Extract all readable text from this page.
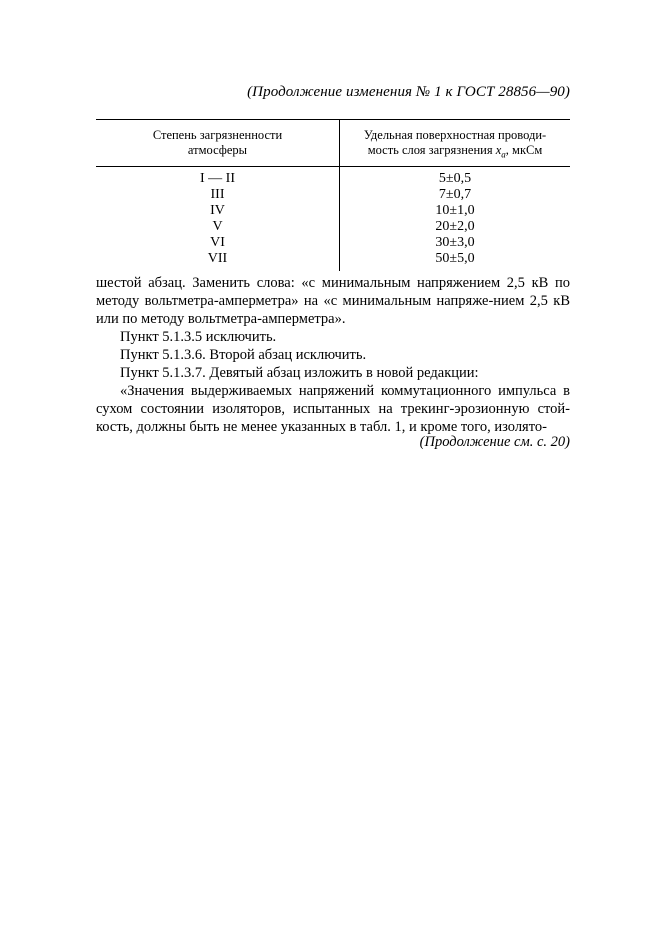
(Продолжение изменения № 1 к ГОСТ 28856—90)
Степень загрязненности
атмосферы
Удельная поверхностная проводи-
мость слоя загрязнения $x_a$, мкСм
I — II
III
IV
V
VI
VII
5±0,5
7±0,7
10±1,0
20±2,0
30±3,0
50±5,0

шестой абзац. Заменить слова: «с минимальным напряжением 2,5 кВ по методу вольтметра-амперметра» на «с минимальным напряже-нием 2,5 кВ или по методу вольтметра-амперметра».

Пункт 5.1.3.5 исключить.

Пункт 5.1.3.6. Второй абзац исключить.

Пункт 5.1.3.7. Девятый абзац изложить в новой редакции:

«Значения выдерживаемых напряжений коммутационного импульса в сухом состоянии изоляторов, испытанных на трекинг-эрозионную стой-кость, должны быть не менее указанных в табл. 1, и кроме того, изолято-

(Продолжение см. с. 20)
